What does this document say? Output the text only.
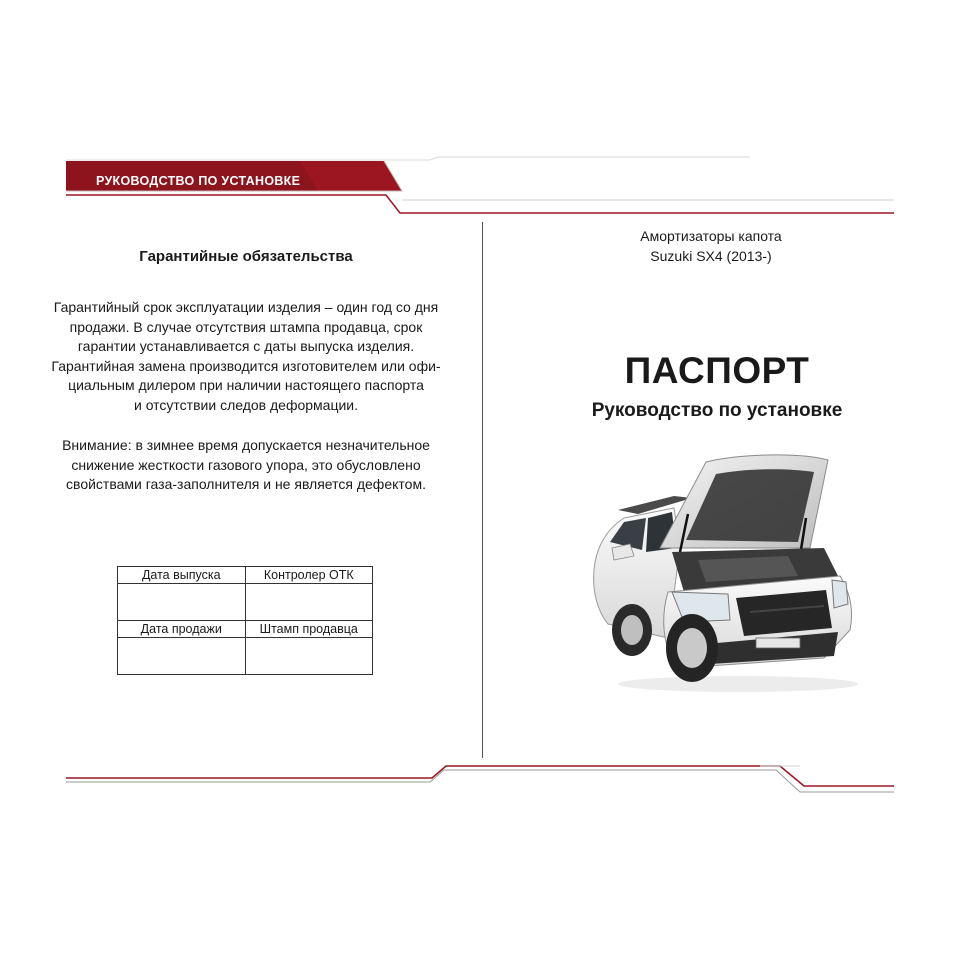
РУКОВОДСТВО ПО УСТАНОВКЕ
Гарантийные обязательства
Гарантийный срок эксплуатации изделия – один год со дня
продажи. В случае отсутствия штампа продавца, срок
гарантии устанавливается с даты выпуска изделия.
Гарантийная замена производится изготовителем или офи-
циальным дилером при наличии настоящего паспорта
и отсутствии следов деформации.
Внимание: в зимнее время допускается незначительное
снижение жесткости газового упора, это обусловлено
свойствами газа-заполнителя и не является дефектом.
Дата выпуска	Контролер ОТК

Дата продажи	Штамп продавца

Амортизаторы капота
Suzuki SX4 (2013-)
ПАСПОРТ
Руководство по установке
